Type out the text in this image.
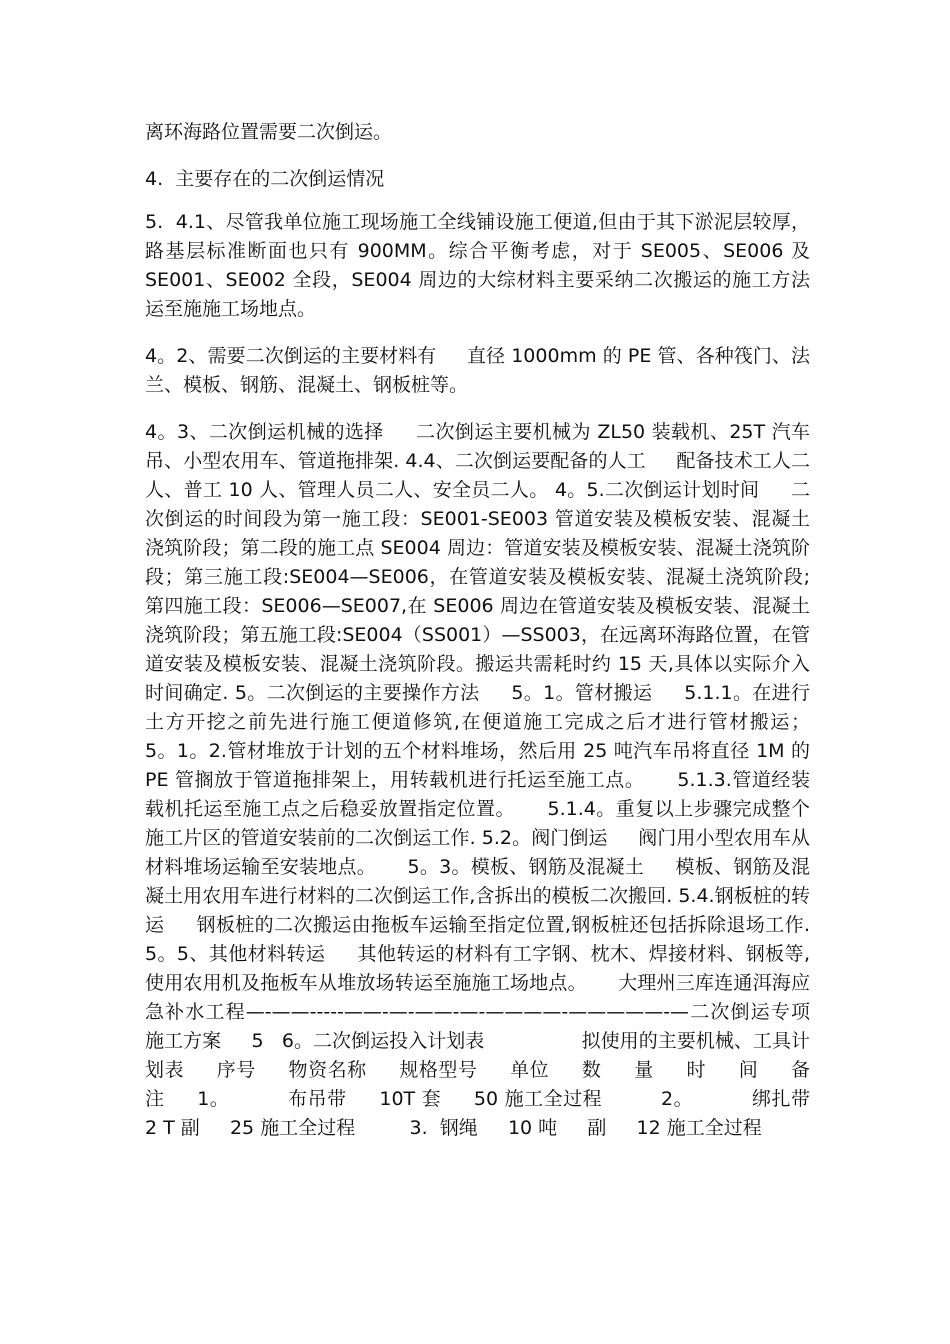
离环海路位置需要二次倒运。

4.  主要存在的二次倒运情况

5.  4.1、尽管我单位施工现场施工全线铺设施工便道,但由于其下淤泥层较厚，路基层标准断面也只有 900MM。综合平衡考虑，对于 SE005、SE006 及 SE001、SE002 全段，SE004 周边的大综材料主要采纳二次搬运的施工方法运至施施工场地点。

4。2、需要二次倒运的主要材料有     直径 1000mm 的 PE 管、各种筏门、法兰、模板、钢筋、混凝土、钢板桩等。

4。3、二次倒运机械的选择     二次倒运主要机械为 ZL50 装载机、25T 汽车吊、小型农用车、管道拖排架. 4.4、二次倒运要配备的人工     配备技术工人二人、普工 10 人、管理人员二人、安全员二人。 4。5.二次倒运计划时间     二次倒运的时间段为第一施工段：SE001-SE003 管道安装及模板安装、混凝土浇筑阶段；第二段的施工点 SE004 周边：管道安装及模板安装、混凝土浇筑阶段；第三施工段:SE004—SE006，在管道安装及模板安装、混凝土浇筑阶段;第四施工段：SE006—SE007,在 SE006 周边在管道安装及模板安装、混凝土浇筑阶段；第五施工段:SE004（SS001）—SS003，在远离环海路位置，在管道安装及模板安装、混凝土浇筑阶段。搬运共需耗时约 15 天,具体以实际介入时间确定. 5。二次倒运的主要操作方法     5。1。管材搬运     5.1.1。在进行土方开挖之前先进行施工便道修筑,在便道施工完成之后才进行管材搬运；     5。1。2.管材堆放于计划的五个材料堆场，然后用 25 吨汽车吊将直径 1M 的 PE 管搁放于管道拖排架上，用转载机进行托运至施工点。     5.1.3.管道经装载机托运至施工点之后稳妥放置指定位置。     5.1.4。重复以上步骤完成整个施工片区的管道安装前的二次倒运工作. 5.2。阀门倒运     阀门用小型农用车从材料堆场运输至安装地点。     5。3。模板、钢筋及混凝土     模板、钢筋及混凝土用农用车进行材料的二次倒运工作,含拆出的模板二次搬回. 5.4.钢板桩的转运     钢板桩的二次搬运由拖板车运输至指定位置,钢板桩还包括拆除退场工作. 5。5、其他材料转运     其他转运的材料有工字钢、枕木、焊接材料、钢板等,使用农用机及拖板车从堆放场转运至施施工场地点。     大理州三库连通洱海应急补水工程—-——-----——-—-——-—-————-—————-—二次倒运专项施工方案     5   6。二次倒运投入计划表                拟使用的主要机械、工具计划表     序号     物资名称     规格型号     单位     数     量     时     间     备     注     1。         布吊带     10T 套     50 施工全过程         2。         绑扎带     2 T 副     25 施工全过程         3.  钢绳     10 吨     副     12 施工全过程
